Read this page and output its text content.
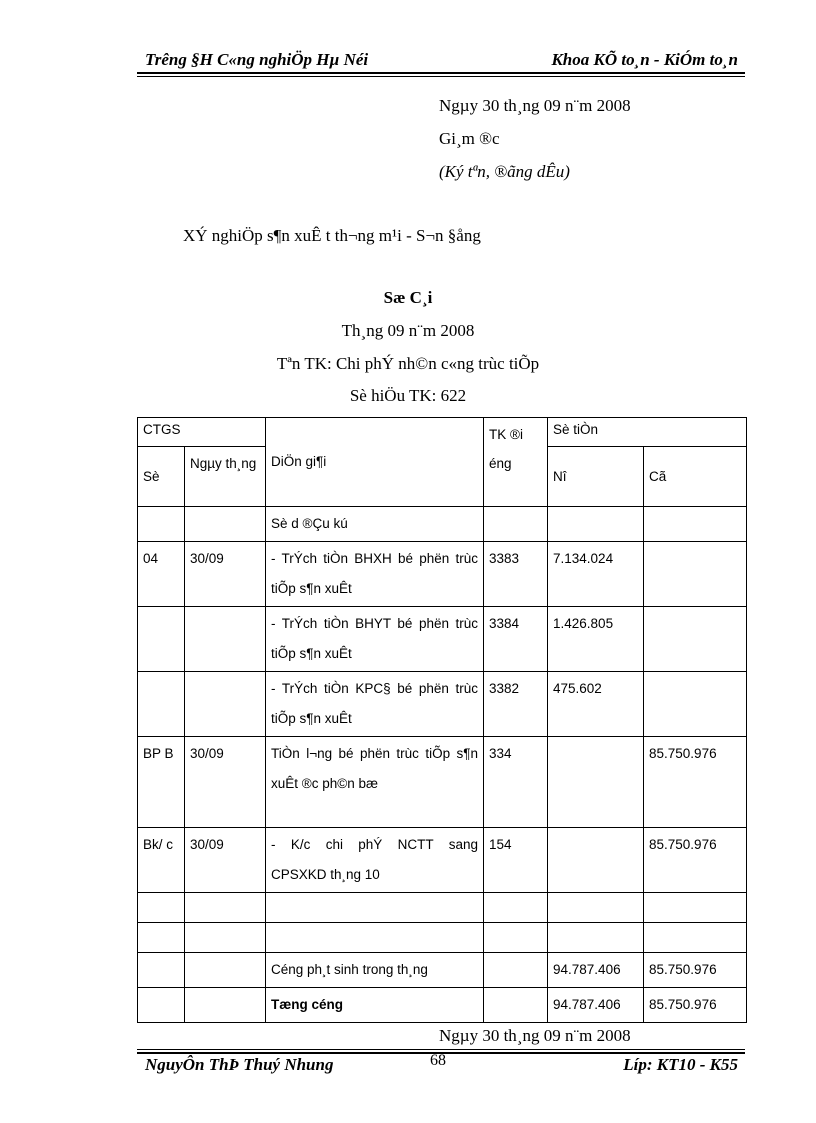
Trêng §H C«ng nghiÖp Hµ Néi	Khoa KÕ to¸n - KiÓm to¸n
Ngµy 30 th¸ng 09 n¨m 2008
Gi¸m ®c
(Ký tªn, ®ãng dÊu)
XÝ nghiÖp s¶n xuÊ t th¬ng m¹i - S¬n §ång
Sæ C¸i
Th¸ng 09 n¨m 2008
Tªn TK: Chi phÝ nh©n c«ng trùc tiÕp
Sè hiÖu TK: 622
CTGS		DiÖn gi¶i	TK ®i éng	Sè tiÒn	
Sè	Ngµy th¸ng			Nî	Cã
		Sè d ®Çu kú			
04	30/09	- TrÝch tiÒn BHXH bé phën trùc tiÕp s¶n xuÊt	3383	7.134.024	
		- TrÝch tiÒn BHYT bé phën trùc tiÕp s¶n xuÊt	3384	1.426.805	
		- TrÝch tiÒn KPC§ bé phën trùc tiÕp s¶n xuÊt	3382	475.602	
BP B	30/09	TiÒn l¬ng bé phën trùc tiÕp s¶n xuÊt ®c ph©n bæ	334		85.750.976
Bk/ c	30/09	- K/c chi phÝ NCTT sang CPSXKD th¸ng 10	154		85.750.976

		Céng ph¸t sinh trong th¸ng		94.787.406	85.750.976
		Tæng céng		94.787.406	85.750.976
Ngµy 30 th¸ng 09 n¨m 2008
NguyÔn ThÞ Thuý Nhung	68	Líp: KT10 - K55
